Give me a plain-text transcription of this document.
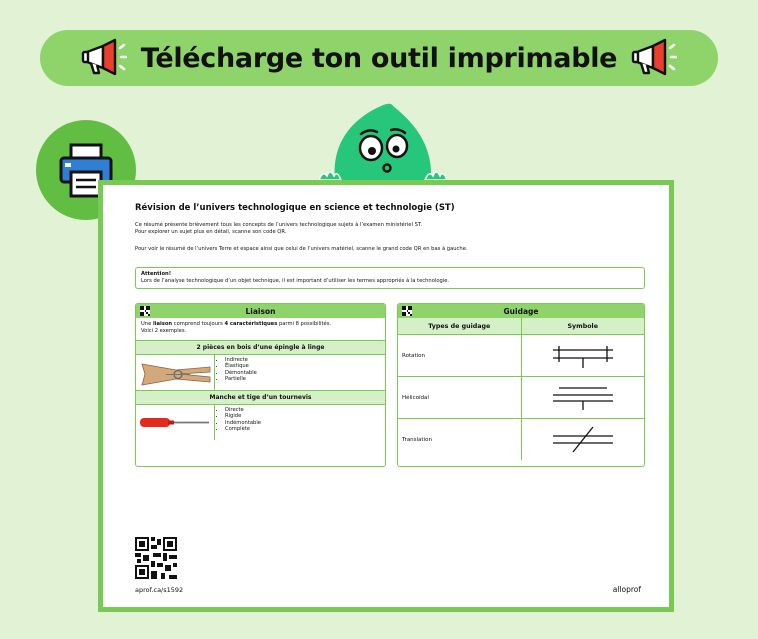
Télécharge ton outil imprimable
Révision de l’univers technologique en science et technologie (ST)
Ce résumé présente brièvement tous les concepts de l’univers technologique sujets à l’examen ministériel ST.
Pour explorer un sujet plus en détail, scanne son code QR.
Pour voir le résumé de l’univers Terre et espace ainsi que celui de l’univers matériel, scanne le grand code QR en bas à gauche.
Attention!
Lors de l’analyse technologique d’un objet technique, il est important d’utiliser les termes appropriés à la technologie.
Liaison
Une liaison comprend toujours 4 caractéristiques parmi 8 possibilités.
Voici 2 exemples.
2 pièces en bois d’une épingle à linge
• Indirecte
• Élastique
• Démontable
• Partielle
Manche et tige d’un tournevis
• Directe
• Rigide
• Indémontable
• Complète
Guidage
Types de guidage	Symbole
Rotation	
Hélicoïdal	
Translation	
aprof.ca/s1592	alloprof
